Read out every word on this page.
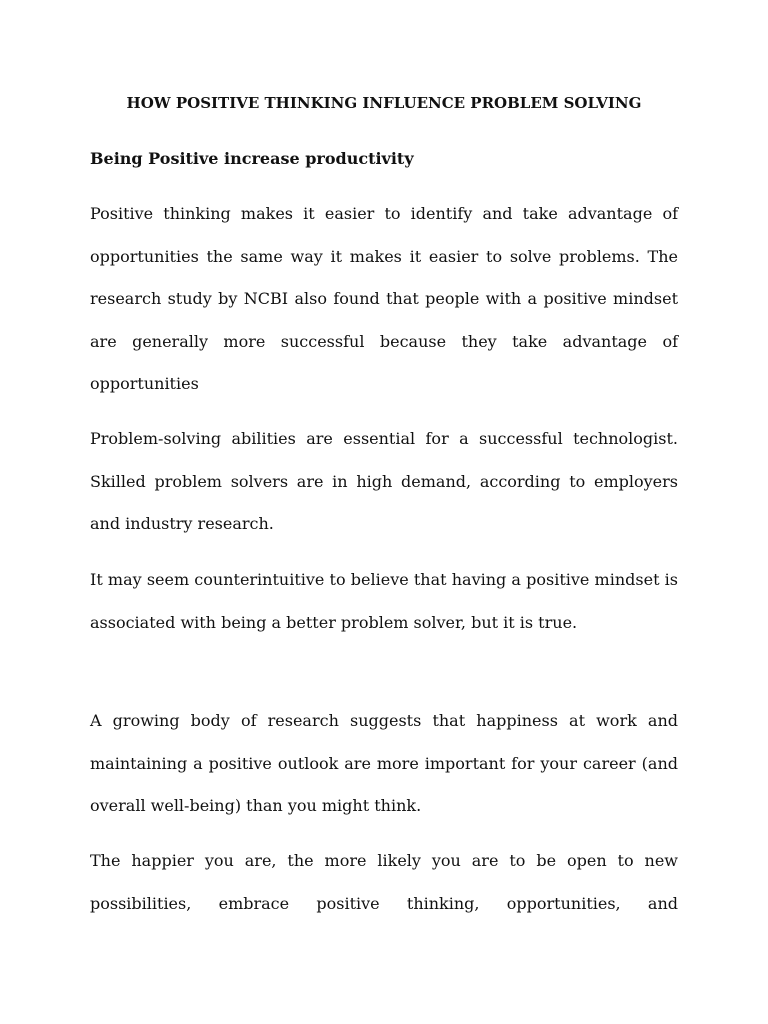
HOW POSITIVE THINKING INFLUENCE PROBLEM SOLVING
Being Positive increase productivity

Positive thinking makes it easier to identify and take advantage of opportunities the same way it makes it easier to solve problems. The research study by NCBI also found that people with a positive mindset are generally more successful because they take advantage of opportunities

Problem-solving abilities are essential for a successful technologist. Skilled problem solvers are in high demand, according to employers and industry research.

It may seem counterintuitive to believe that having a positive mindset is associated with being a better problem solver, but it is true.

A growing body of research suggests that happiness at work and maintaining a positive outlook are more important for your career (and overall well-being) than you might think.

The happier you are, the more likely you are to be open to new possibilities, embrace positive thinking, opportunities, and
